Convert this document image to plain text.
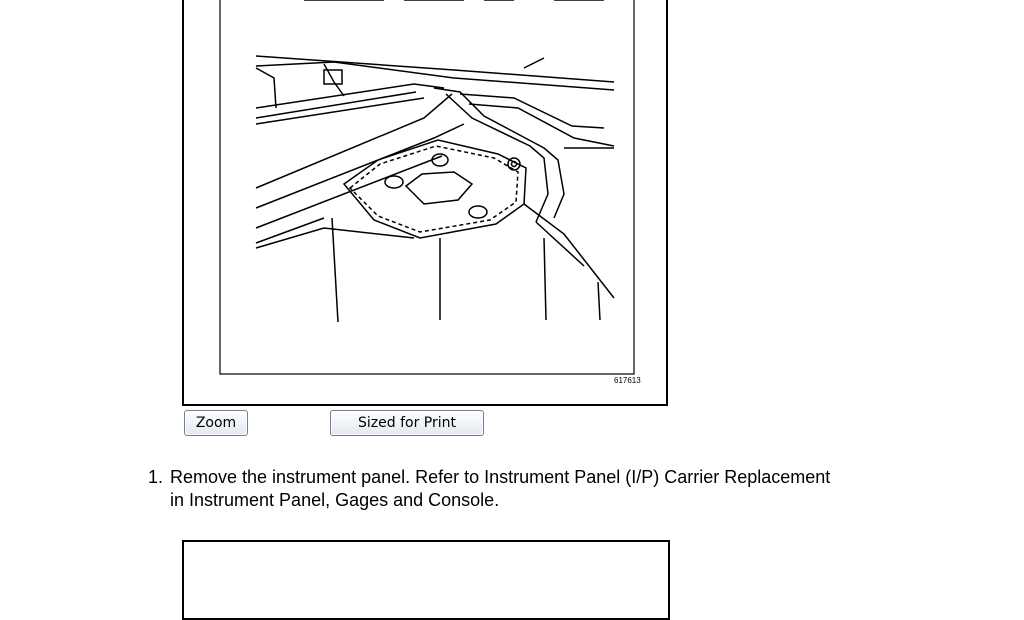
617613
Zoom	Sized for Print
1. Remove the instrument panel. Refer to Instrument Panel (I/P) Carrier Replacement in Instrument Panel, Gages and Console.
